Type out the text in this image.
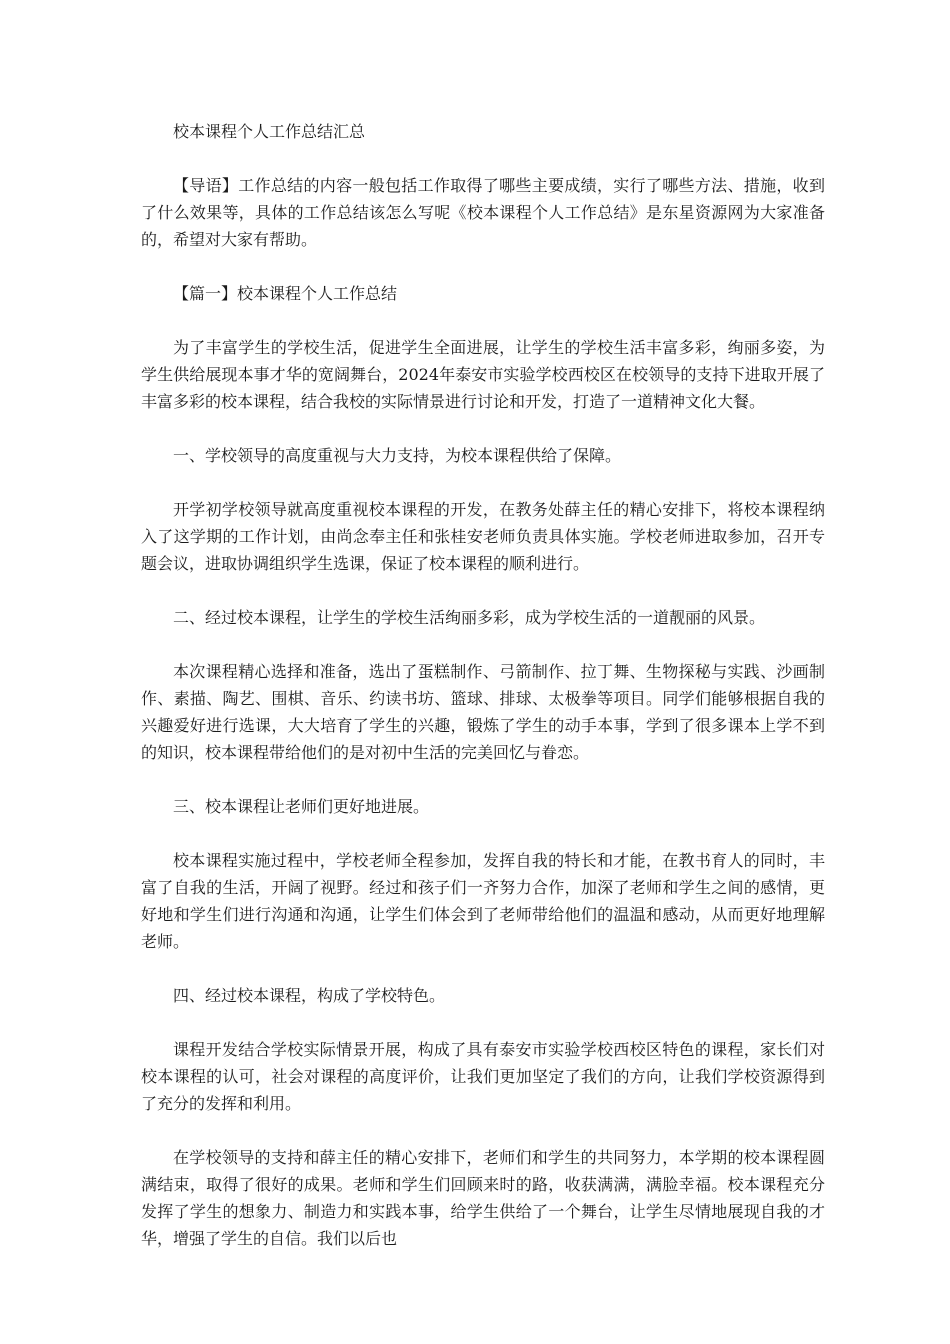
校本课程个人工作总结汇总

【导语】工作总结的内容一般包括工作取得了哪些主要成绩，实行了哪些方法、措施，收到了什么效果等，具体的工作总结该怎么写呢《校本课程个人工作总结》是东星资源网为大家准备的，希望对大家有帮助。

【篇一】校本课程个人工作总结

为了丰富学生的学校生活，促进学生全面进展，让学生的学校生活丰富多彩，绚丽多姿，为学生供给展现本事才华的宽阔舞台，2024年泰安市实验学校西校区在校领导的支持下进取开展了丰富多彩的校本课程，结合我校的实际情景进行讨论和开发，打造了一道精神文化大餐。

一、学校领导的高度重视与大力支持，为校本课程供给了保障。

开学初学校领导就高度重视校本课程的开发，在教务处薛主任的精心安排下，将校本课程纳入了这学期的工作计划，由尚念奉主任和张桂安老师负责具体实施。学校老师进取参加，召开专题会议，进取协调组织学生选课，保证了校本课程的顺利进行。

二、经过校本课程，让学生的学校生活绚丽多彩，成为学校生活的一道靓丽的风景。

本次课程精心选择和准备，选出了蛋糕制作、弓箭制作、拉丁舞、生物探秘与实践、沙画制作、素描、陶艺、围棋、音乐、约读书坊、篮球、排球、太极拳等项目。同学们能够根据自我的兴趣爱好进行选课，大大培育了学生的兴趣，锻炼了学生的动手本事，学到了很多课本上学不到的知识，校本课程带给他们的是对初中生活的完美回忆与眷恋。

三、校本课程让老师们更好地进展。

校本课程实施过程中，学校老师全程参加，发挥自我的特长和才能，在教书育人的同时，丰富了自我的生活，开阔了视野。经过和孩子们一齐努力合作，加深了老师和学生之间的感情，更好地和学生们进行沟通和沟通，让学生们体会到了老师带给他们的温温和感动，从而更好地理解老师。

四、经过校本课程，构成了学校特色。

课程开发结合学校实际情景开展，构成了具有泰安市实验学校西校区特色的课程，家长们对校本课程的认可，社会对课程的高度评价，让我们更加坚定了我们的方向，让我们学校资源得到了充分的发挥和利用。

在学校领导的支持和薛主任的精心安排下，老师们和学生的共同努力，本学期的校本课程圆满结束，取得了很好的成果。老师和学生们回顾来时的路，收获满满，满脸幸福。校本课程充分发挥了学生的想象力、制造力和实践本事，给学生供给了一个舞台，让学生尽情地展现自我的才华，增强了学生的自信。我们以后也
